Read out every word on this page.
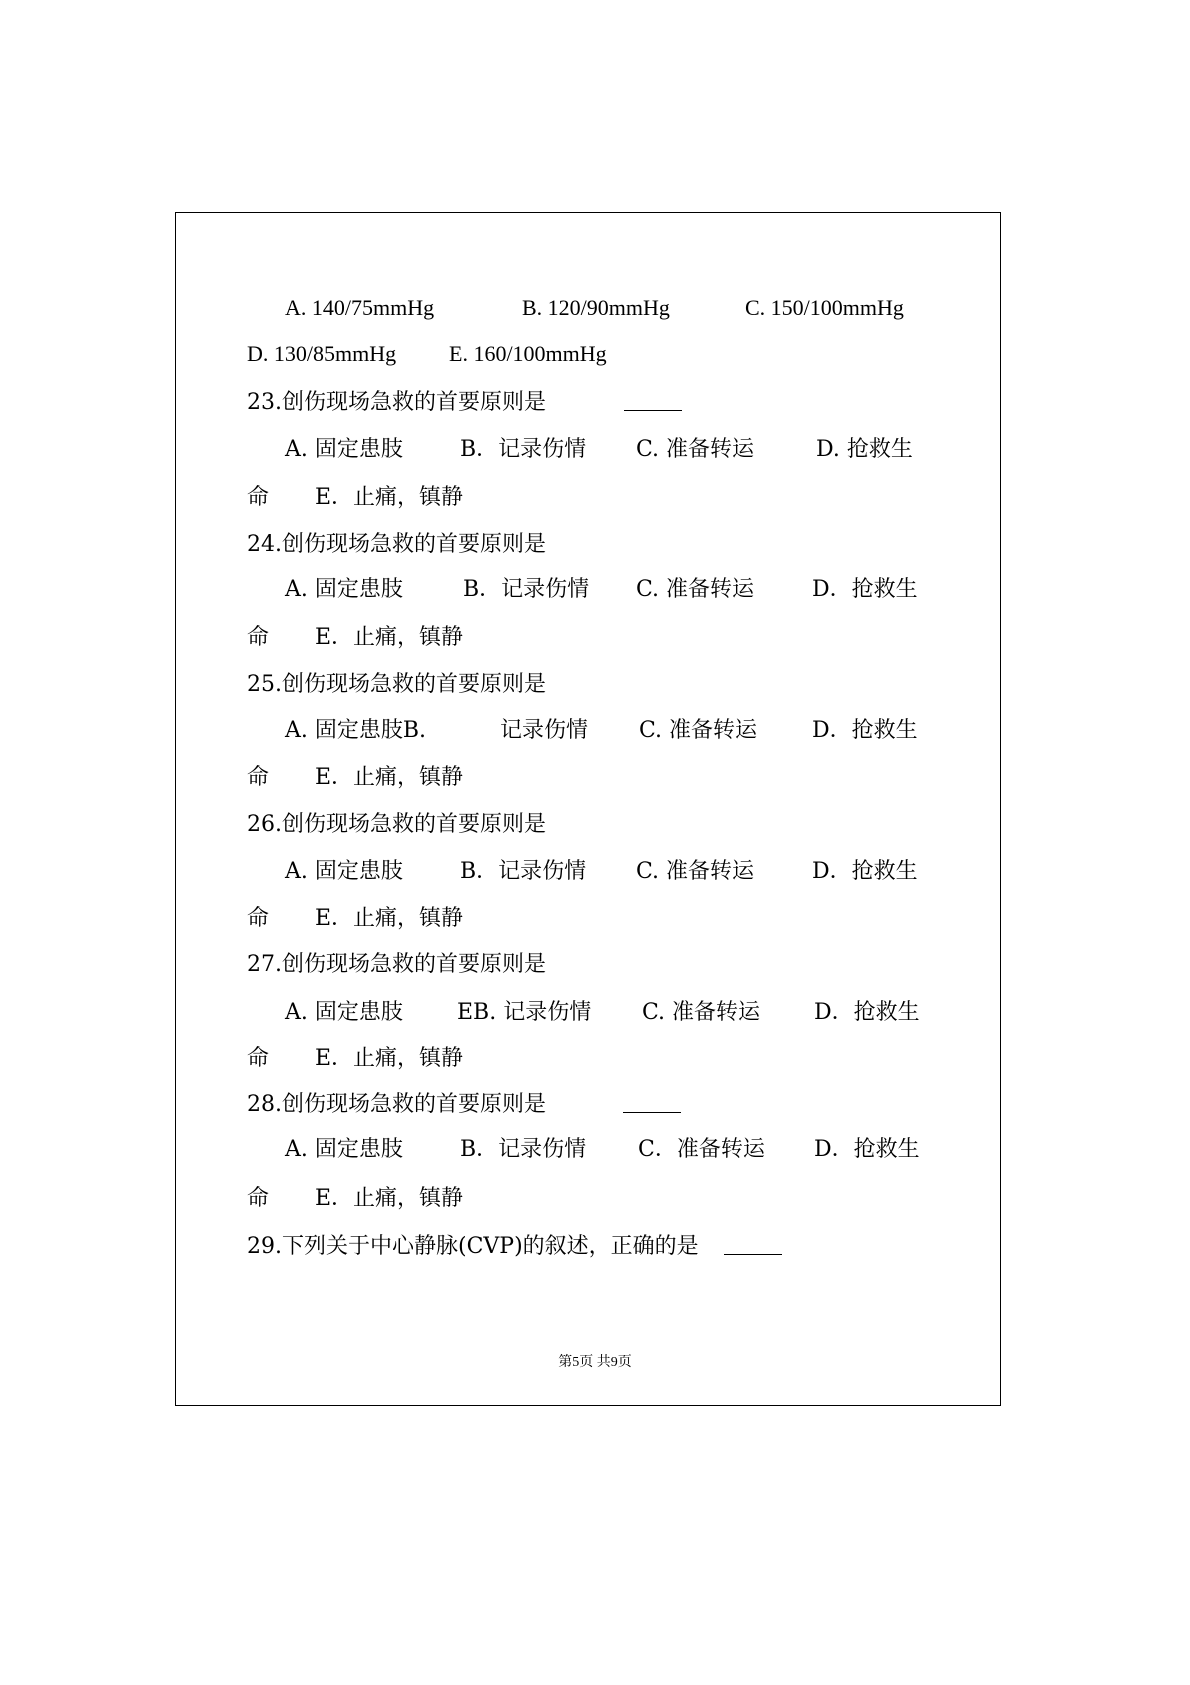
A. 140/75mmHg	B. 120/90mmHg	C. 150/100mmHg
D. 130/85mmHg E. 160/100mmHg
23.创伤现场急救的首要原则是
A. 固定患肢	B．记录伤情 C. 准备转运	D. 抢救生
命 E．止痛，镇静
24.创伤现场急救的首要原则是
A. 固定患肢	B．记录伤情 C. 准备转运	D．抢救生
命 E．止痛，镇静
25.创伤现场急救的首要原则是
A. 固定患肢B.	记录伤情 C. 准备转运 D．抢救生
命 E．止痛，镇静
26.创伤现场急救的首要原则是
A. 固定患肢	B．记录伤情 C. 准备转运	D．抢救生
命 E．止痛，镇静
27.创伤现场急救的首要原则是
A. 固定患肢 EB. 记录伤情 C. 准备转运 D．抢救生
命 E．止痛，镇静
28.创伤现场急救的首要原则是
A. 固定患肢	B．记录伤情 C．准备转运 D．抢救生
命 E．止痛，镇静
29.下列关于中心静脉(CVP)的叙述，正确的是
第5页 共9页
